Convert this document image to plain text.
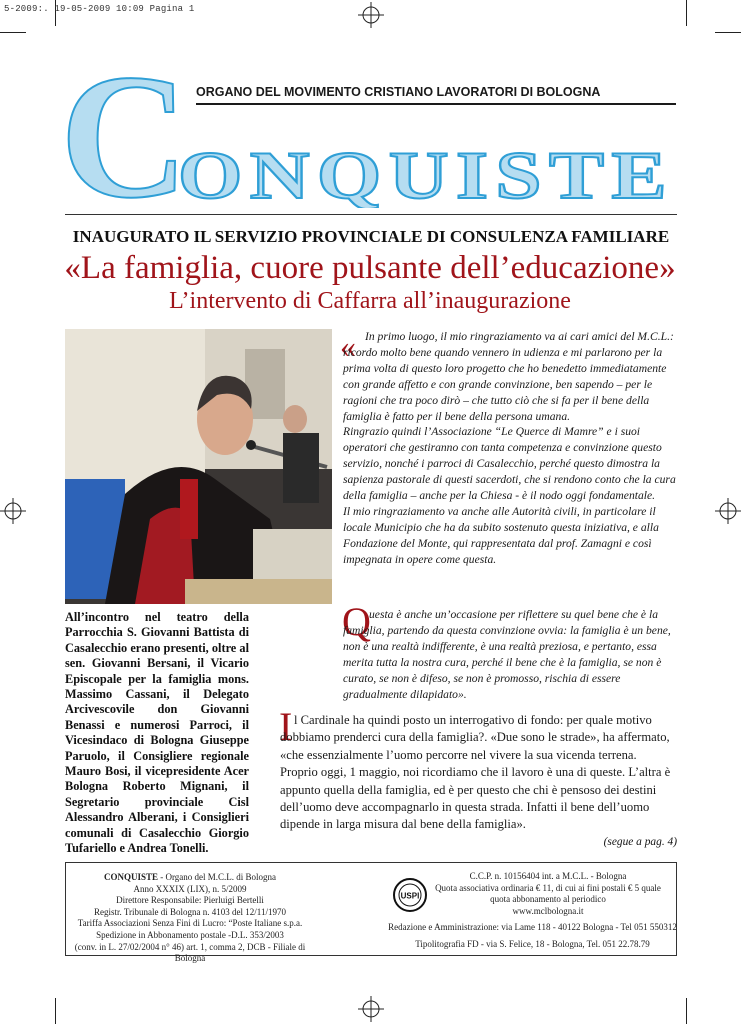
5-2009:. 19-05-2009 10:09 Pagina 1
ORGANO DEL MOVIMENTO CRISTIANO LAVORATORI DI BOLOGNA
C
ONQUISTE
INAUGURATO IL SERVIZIO PROVINCIALE DI CONSULENZA FAMILIARE
«La famiglia, cuore pulsante dell’educazione»
L’intervento di Caffarra all’inaugurazione
All’incontro nel teatro della Parrocchia S. Giovanni Battista di Casalecchio erano presenti, oltre al sen. Giovanni Bersani, il Vicario Episcopale per la famiglia mons. Massimo Cassani, il Delegato Arcivescovile don Giovanni Benassi e numerosi Parroci, il Vicesindaco di Bologna Giuseppe Paruolo, il Consigliere regionale Mauro Bosi, il vicepresidente Acer Bologna Roberto Mignani, il Segretario provinciale Cisl Alessandro Alberani, i Consiglieri comunali di Casalecchio Giorgio Tufariello e Andrea Tonelli.
« In primo luogo, il mio ringraziamento va ai cari amici del M.C.L.: ricordo molto bene quando vennero in udienza e mi parlarono per la prima volta di questo loro progetto che ho benedetto immediatamente con grande affetto e con grande convinzione, ben sapendo – per le ragioni che tra poco dirò – che tutto ciò che si fa per il bene della famiglia è fatto per il bene della persona umana.

Ringrazio quindi l’Associazione “Le Querce di Mamre” e i suoi operatori che gestiranno con tanta competenza e convinzione questo servizio, nonché i parroci di Casalecchio, perché questo dimostra la sapienza pastorale di questi sacerdoti, che si rendono conto che la cura della famiglia – anche per la Chiesa - è il nodo oggi fondamentale.

Il mio ringraziamento va anche alle Autorità civili, in particolare il locale Municipio che ha da subito sostenuto questa iniziativa, e alla Fondazione del Monte, qui rappresentata dal prof. Zamagni e così impegnata in opere come questa.

Q

uesta è anche un’occasione per riflettere su quel bene che è la famiglia, partendo da questa convinzione ovvia: la famiglia è un bene, non è una realtà indifferente, è una realtà preziosa, e pertanto, essa merita tutta la nostra cura, perché il bene che è la famiglia, se non è curato, se non è difeso, se non è promosso, rischia di essere gradualmente dilapidato».

I l Cardinale ha quindi posto un interrogativo di fondo: per quale motivo dobbiamo prenderci cura della famiglia?. «Due sono le strade», ha affermato, «che essenzialmente l’uomo percorre nel vivere la sua vicenda terrena. Proprio oggi, 1 maggio, noi ricordiamo che il lavoro è una di queste. L’altra è appunto quella della famiglia, ed è per questo che chi è pensoso dei destini dell’uomo deve accompagnarlo in questa strada. Infatti il bene dell’uomo dipende in larga misura dal bene della famiglia».

(segue a pag. 4)
CONQUISTE - Organo del M.C.L. di Bologna
Anno XXXIX (LIX), n. 5/2009
Direttore Responsabile: Pierluigi Bertelli
Registr. Tribunale di Bologna n. 4103 del 12/11/1970
Tariffa Associazioni Senza Fini di Lucro: “Poste Italiane s.p.a.
Spedizione in Abbonamento postale -D.L. 353/2003
(conv. in L. 27/02/2004 n° 46) art. 1, comma 2, DCB - Filiale di Bologna
USPI
C.C.P. n. 10156404 int. a M.C.L. - Bologna
Quota associativa ordinaria € 11, di cui ai fini postali € 5 quale
quota abbonamento al periodico
www.mclbologna.it
Redazione e Amministrazione: via Lame 118 - 40122 Bologna - Tel 051 550312
Tipolitografia FD - via S. Felice, 18 - Bologna, Tel. 051 22.78.79
